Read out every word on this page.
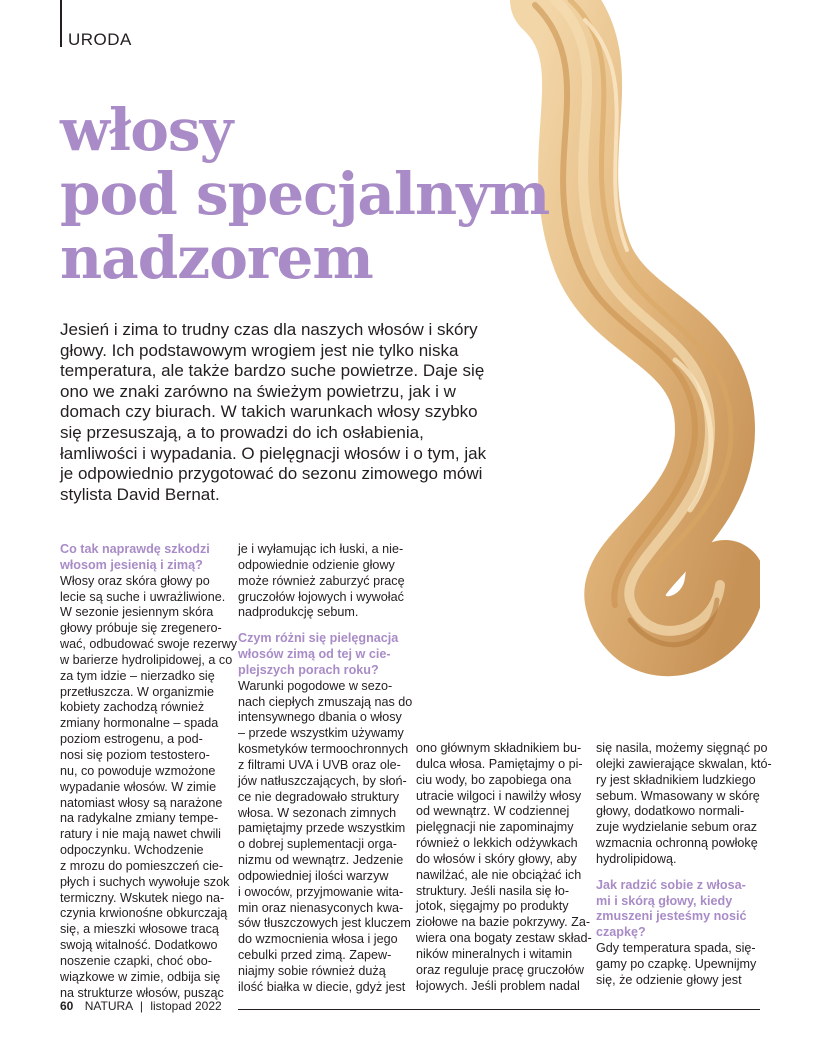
URODA
włosy
pod specjalnym
nadzorem

Jesień i zima to trudny czas dla naszych włosów i skóry głowy. Ich podstawowym wrogiem jest nie tylko niska temperatura, ale także bardzo suche powietrze. Daje się ono we znaki zarówno na świeżym powietrzu, jak i w domach czy biurach. W takich warunkach włosy szybko się przesuszają, a to prowadzi do ich osłabienia, łamliwości i wypadania. O pielęgnacji włosów i o tym, jak je odpowiednio przygotować do sezonu zimowego mówi stylista David Bernat.

Co tak naprawdę szkodzi
włosom jesienią i zimą?
Włosy oraz skóra głowy po
lecie są suche i uwrażliwione.
W sezonie jesiennym skóra
głowy próbuje się zregenero-
wać, odbudować swoje rezerwy
w barierze hydrolipidowej, a co
za tym idzie – nierzadko się
przetłuszcza. W organizmie
kobiety zachodzą również
zmiany hormonalne – spada
poziom estrogenu, a pod-
nosi się poziom testostero-
nu, co powoduje wzmożone
wypadanie włosów. W zimie
natomiast włosy są narażone
na radykalne zmiany tempe-
ratury i nie mają nawet chwili
odpoczynku. Wchodzenie
z mrozu do pomieszczeń cie-
płych i suchych wywołuje szok
termiczny. Wskutek niego na-
czynia krwionośne obkurczają
się, a mieszki włosowe tracą
swoją witalność. Dodatkowo
noszenie czapki, choć obo-
wiązkowe w zimie, odbija się
na strukturze włosów, pusząc
je i wyłamując ich łuski, a nie-
odpowiednie odzienie głowy
może również zaburzyć pracę
gruczołów łojowych i wywołać
nadprodukcję sebum.
Czym różni się pielęgnacja
włosów zimą od tej w cie-
plejszych porach roku?
Warunki pogodowe w sezo-
nach ciepłych zmuszają nas do
intensywnego dbania o włosy
– przede wszystkim używamy
kosmetyków termoochronnych
z filtrami UVA i UVB oraz ole-
jów natłuszczających, by słoń-
ce nie degradowało struktury
włosa. W sezonach zimnych
pamiętajmy przede wszystkim
o dobrej suplementacji orga-
nizmu od wewnątrz. Jedzenie
odpowiedniej ilości warzyw
i owoców, przyjmowanie wita-
min oraz nienasyconych kwa-
sów tłuszczowych jest kluczem
do wzmocnienia włosa i jego
cebulki przed zimą. Zapew-
niajmy sobie również dużą
ilość białka w diecie, gdyż jest
ono głównym składnikiem bu-
dulca włosa. Pamiętajmy o pi-
ciu wody, bo zapobiega ona
utracie wilgoci i nawilży włosy
od wewnątrz. W codziennej
pielęgnacji nie zapominajmy
również o lekkich odżywkach
do włosów i skóry głowy, aby
nawilżać, ale nie obciążać ich
struktury. Jeśli nasila się ło-
jotok, sięgajmy po produkty
ziołowe na bazie pokrzywy. Za-
wiera ona bogaty zestaw skład-
ników mineralnych i witamin
oraz reguluje pracę gruczołów
łojowych. Jeśli problem nadal
się nasila, możemy sięgnąć po
olejki zawierające skwalan, któ-
ry jest składnikiem ludzkiego
sebum. Wmasowany w skórę
głowy, dodatkowo normali-
zuje wydzielanie sebum oraz
wzmacnia ochronną powłokę
hydrolipidową.
Jak radzić sobie z włosa-
mi i skórą głowy, kiedy
zmuszeni jesteśmy nosić
czapkę?
Gdy temperatura spada, się-
gamy po czapkę. Upewnijmy
się, że odzienie głowy jest
60 NATURA | listopad 2022
